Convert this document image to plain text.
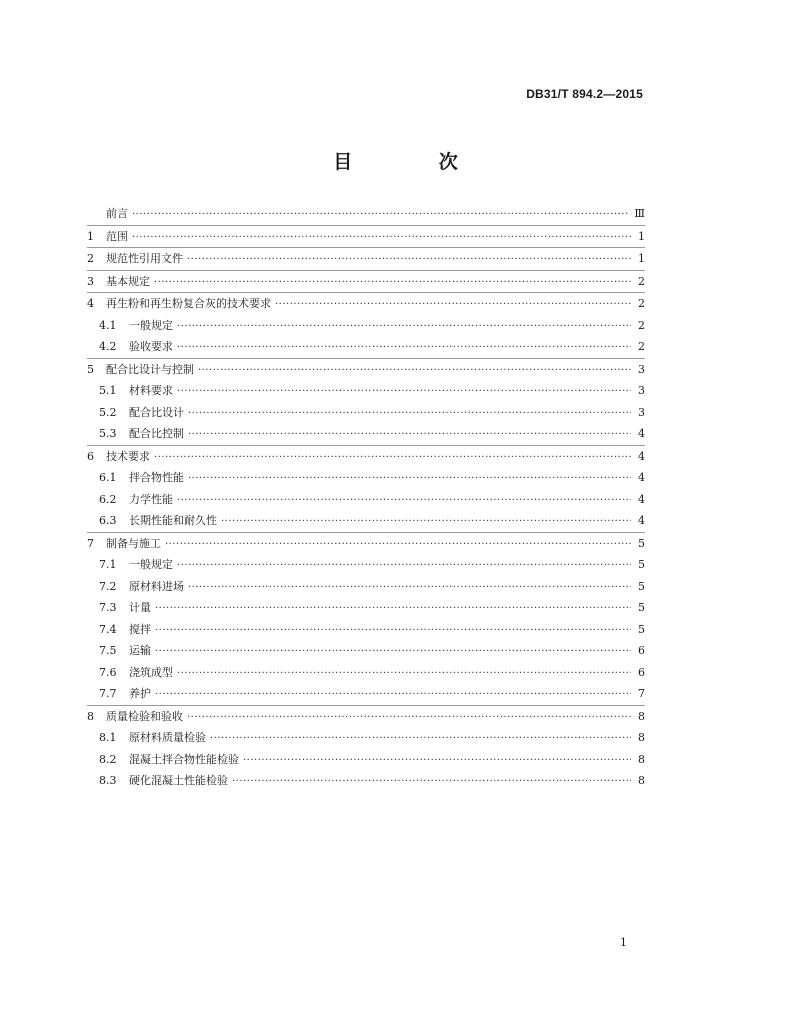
DB31/T 894.2—2015
目 次
前言 ·····	Ⅲ
1	范围 ·····	1
2	规范性引用文件 ·····	1
3	基本规定 ·····	2
4	再生粉和再生粉复合灰的技术要求 ·····	2
4.1	一般规定 ·····	2
4.2	验收要求 ·····	2
5	配合比设计与控制 ·····	3
5.1	材料要求 ·····	3
5.2	配合比设计 ·····	3
5.3	配合比控制 ·····	4
6	技术要求 ·····	4
6.1	拌合物性能 ·····	4
6.2	力学性能 ·····	4
6.3	长期性能和耐久性 ·····	4
7	制备与施工 ·····	5
7.1	一般规定 ·····	5
7.2	原材料进场 ·····	5
7.3	计量 ·····	5
7.4	搅拌 ·····	5
7.5	运输 ·····	6
7.6	浇筑成型 ·····	6
7.7	养护 ·····	7
8	质量检验和验收 ·····	8
8.1	原材料质量检验 ·····	8
8.2	混凝土拌合物性能检验 ·····	8
8.3	硬化混凝土性能检验 ·····	8
1
